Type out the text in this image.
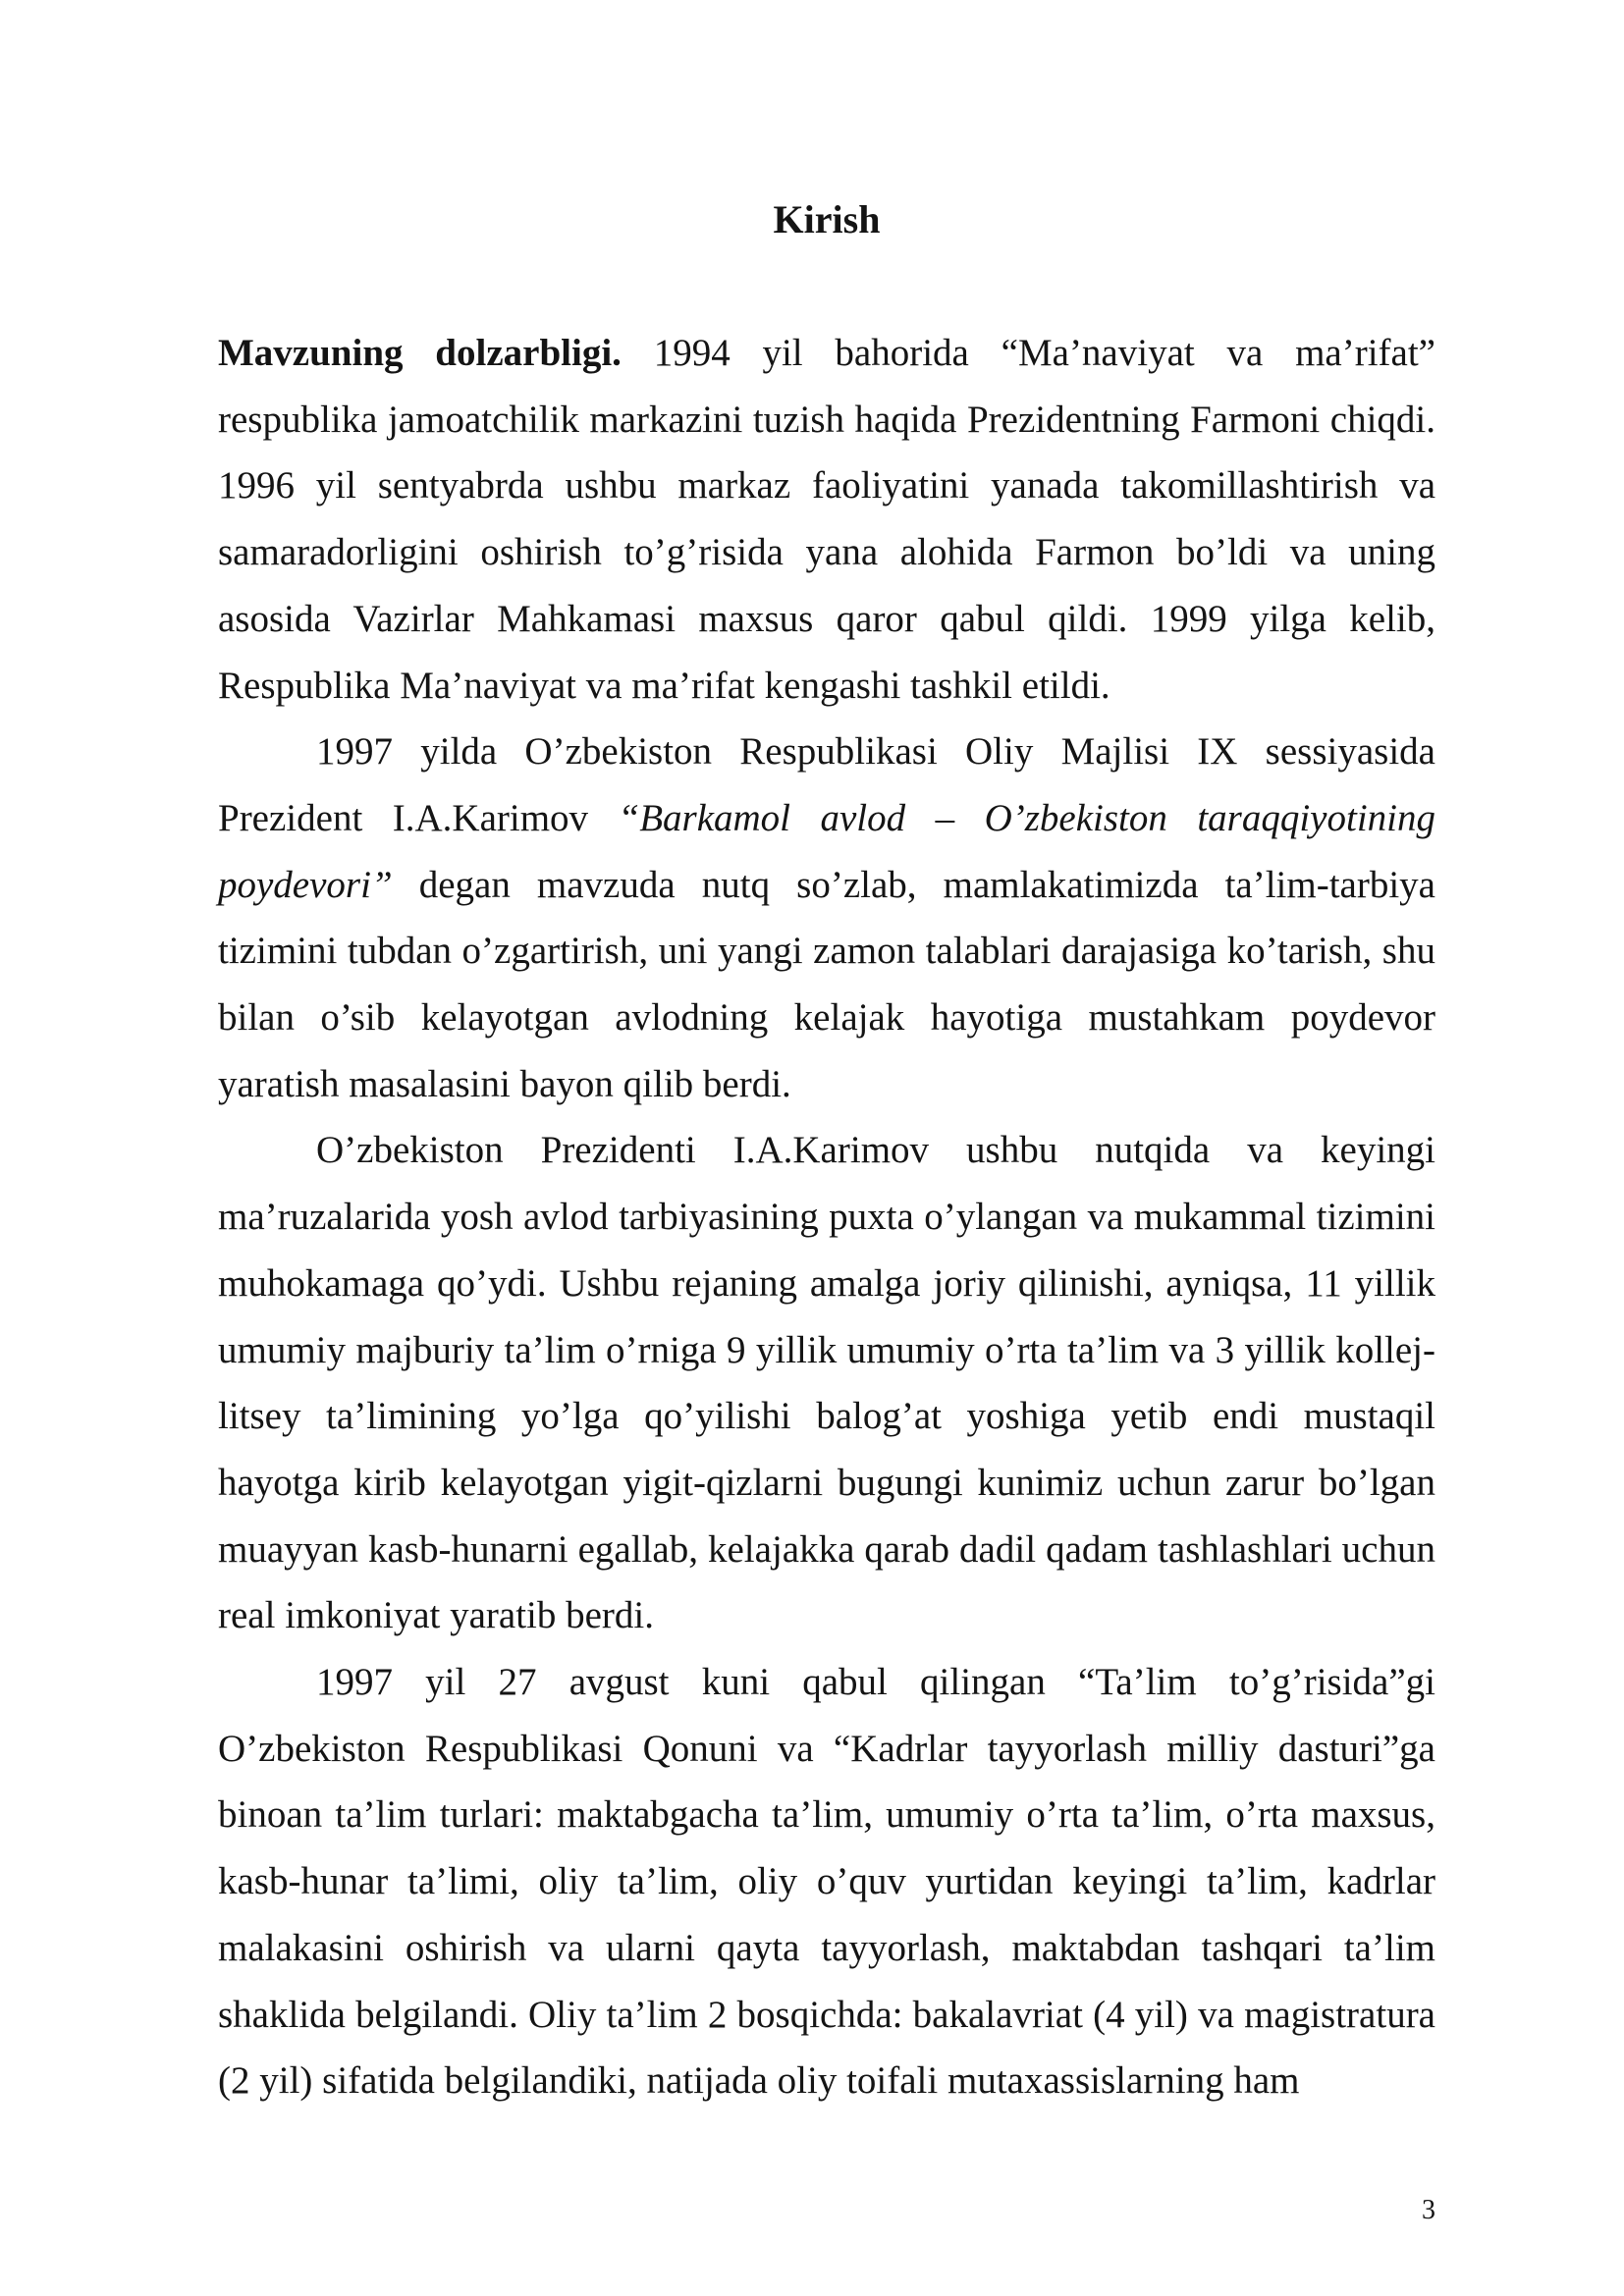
Kirish

Mavzuning dolzarbligi. 1994 yil bahorida “Ma’naviyat va ma’rifat” respublika jamoatchilik markazini tuzish haqida Prezidentning Farmoni chiqdi. 1996 yil sentyabrda ushbu markaz faoliyatini yanada takomillashtirish va samaradorligini oshirish to’g’risida yana alohida Farmon bo’ldi va uning asosida Vazirlar Mahkamasi maxsus qaror qabul qildi. 1999 yilga kelib, Respublika Ma’naviyat va ma’rifat kengashi tashkil etildi.

1997 yilda O’zbekiston Respublikasi Oliy Majlisi IX sessiyasida Prezident I.A.Karimov “Barkamol avlod – O’zbekiston taraqqiyotining poydevori” degan mavzuda nutq so’zlab, mamlakatimizda ta’lim-tarbiya tizimini tubdan o’zgartirish, uni yangi zamon talablari darajasiga ko’tarish, shu bilan o’sib kelayotgan avlodning kelajak hayotiga mustahkam poydevor yaratish masalasini bayon qilib berdi.

O’zbekiston Prezidenti I.A.Karimov ushbu nutqida va keyingi ma’ruzalarida yosh avlod tarbiyasining puxta o’ylangan va mukammal tizimini muhokamaga qo’ydi. Ushbu rejaning amalga joriy qilinishi, ayniqsa, 11 yillik umumiy majburiy ta’lim o’rniga 9 yillik umumiy o’rta ta’lim va 3 yillik kollej-litsey ta’limining yo’lga qo’yilishi balog’at yoshiga yetib endi mustaqil hayotga kirib kelayotgan yigit-qizlarni bugungi kunimiz uchun zarur bo’lgan muayyan kasb-hunarni egallab, kelajakka qarab dadil qadam tashlashlari uchun real imkoniyat yaratib berdi.

1997 yil 27 avgust kuni qabul qilingan “Ta’lim to’g’risida”gi O’zbekiston Respublikasi Qonuni va “Kadrlar tayyorlash milliy dasturi”ga binoan ta’lim turlari: maktabgacha ta’lim, umumiy o’rta ta’lim, o’rta maxsus, kasb-hunar ta’limi, oliy ta’lim, oliy o’quv yurtidan keyingi ta’lim, kadrlar malakasini oshirish va ularni qayta tayyorlash, maktabdan tashqari ta’lim shaklida belgilandi. Oliy ta’lim 2 bosqichda: bakalavriat (4 yil) va magistratura (2 yil) sifatida belgilandiki, natijada oliy toifali mutaxassislarning ham

3
